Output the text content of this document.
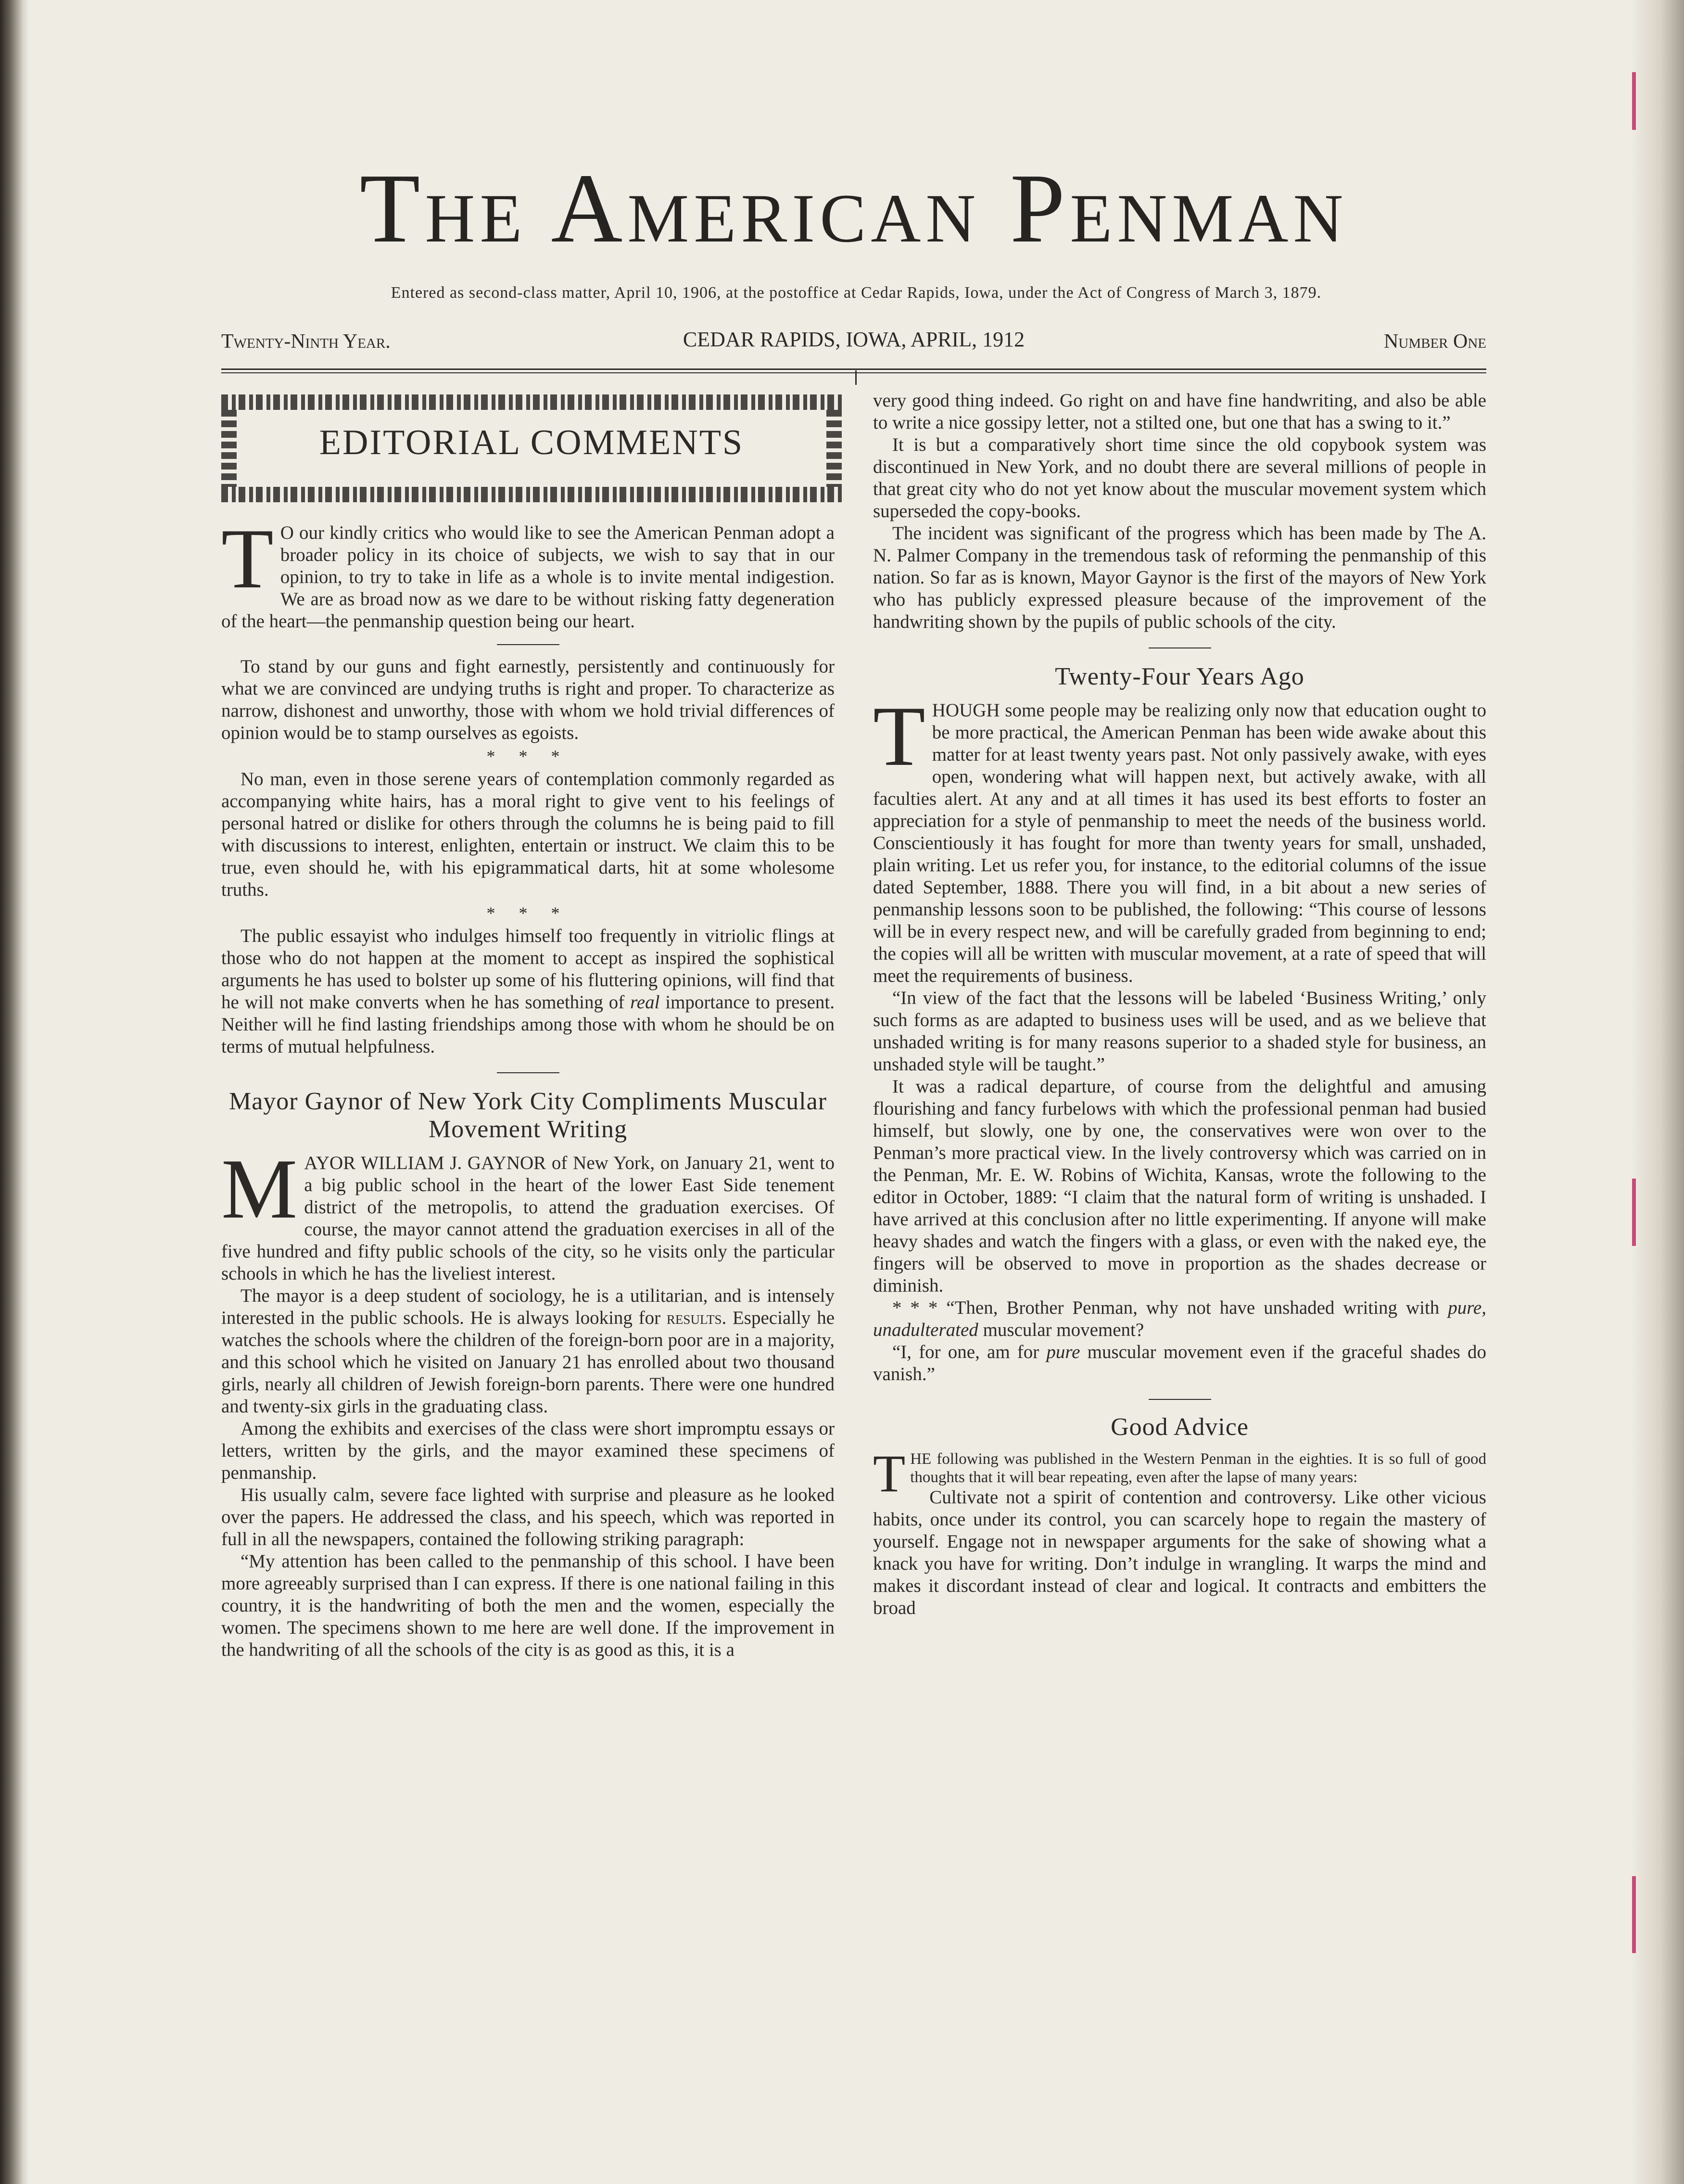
The American Penman
Entered as second-class matter, April 10, 1906, at the postoffice at Cedar Rapids, Iowa, under the Act of Congress of March 3, 1879.
Twenty-Ninth Year.	CEDAR RAPIDS, IOWA, APRIL, 1912	Number One
EDITORIAL COMMENTS

T O our kindly critics who would like to see the American Penman adopt a broader policy in its choice of subjects, we wish to say that in our opinion, to try to take in life as a whole is to invite mental indigestion. We are as broad now as we dare to be without risking fatty degeneration of the heart—the penmanship question being our heart.

To stand by our guns and fight earnestly, persistently and continuously for what we are convinced are undying truths is right and proper. To characterize as narrow, dishonest and unworthy, those with whom we hold trivial differences of opinion would be to stamp ourselves as egoists.

* * *

No man, even in those serene years of contemplation commonly regarded as accompanying white hairs, has a moral right to give vent to his feelings of personal hatred or dislike for others through the columns he is being paid to fill with discussions to interest, enlighten, entertain or instruct. We claim this to be true, even should he, with his epigrammatical darts, hit at some wholesome truths.

* * *

The public essayist who indulges himself too frequently in vitriolic flings at those who do not happen at the moment to accept as inspired the sophistical arguments he has used to bolster up some of his fluttering opinions, will find that he will not make converts when he has something of real importance to present. Neither will he find lasting friendships among those with whom he should be on terms of mutual helpfulness.

Mayor Gaynor of New York City Compliments Muscular Movement Writing

MAYOR WILLIAM J. GAYNOR of New York, on January 21, went to a big public school in the heart of the lower East Side tenement district of the metropolis, to attend the graduation exercises. Of course, the mayor cannot attend the graduation exercises in all of the five hundred and fifty public schools of the city, so he visits only the particular schools in which he has the liveliest interest.

The mayor is a deep student of sociology, he is a utilitarian, and is intensely interested in the public schools. He is always looking for results. Especially he watches the schools where the children of the foreign-born poor are in a majority, and this school which he visited on January 21 has enrolled about two thousand girls, nearly all children of Jewish foreign-born parents. There were one hundred and twenty-six girls in the graduating class.

Among the exhibits and exercises of the class were short impromptu essays or letters, written by the girls, and the mayor examined these specimens of penmanship.

His usually calm, severe face lighted with surprise and pleasure as he looked over the papers. He addressed the class, and his speech, which was reported in full in all the newspapers, contained the following striking paragraph:

“My attention has been called to the penmanship of this school. I have been more agreeably surprised than I can express. If there is one national failing in this country, it is the handwriting of both the men and the women, especially the women. The specimens shown to me here are well done. If the improvement in the handwriting of all the schools of the city is as good as this, it is a

very good thing indeed. Go right on and have fine handwriting, and also be able to write a nice gossipy letter, not a stilted one, but one that has a swing to it.”

It is but a comparatively short time since the old copybook system was discontinued in New York, and no doubt there are several millions of people in that great city who do not yet know about the muscular movement system which superseded the copy-books.

The incident was significant of the progress which has been made by The A. N. Palmer Company in the tremendous task of reforming the penmanship of this nation. So far as is known, Mayor Gaynor is the first of the mayors of New York who has publicly expressed pleasure because of the improvement of the handwriting shown by the pupils of public schools of the city.

Twenty-Four Years Ago

THOUGH some people may be realizing only now that education ought to be more practical, the American Penman has been wide awake about this matter for at least twenty years past. Not only passively awake, with eyes open, wondering what will happen next, but actively awake, with all faculties alert. At any and at all times it has used its best efforts to foster an appreciation for a style of penmanship to meet the needs of the business world. Conscientiously it has fought for more than twenty years for small, unshaded, plain writing. Let us refer you, for instance, to the editorial columns of the issue dated September, 1888. There you will find, in a bit about a new series of penmanship lessons soon to be published, the following: “This course of lessons will be in every respect new, and will be carefully graded from beginning to end; the copies will all be written with muscular movement, at a rate of speed that will meet the requirements of business.

“In view of the fact that the lessons will be labeled ‘Business Writing,’ only such forms as are adapted to business uses will be used, and as we believe that unshaded writing is for many reasons superior to a shaded style for business, an unshaded style will be taught.”

It was a radical departure, of course from the delightful and amusing flourishing and fancy furbelows with which the professional penman had busied himself, but slowly, one by one, the conservatives were won over to the Penman’s more practical view. In the lively controversy which was carried on in the Penman, Mr. E. W. Robins of Wichita, Kansas, wrote the following to the editor in October, 1889: “I claim that the natural form of writing is unshaded. I have arrived at this conclusion after no little experimenting. If anyone will make heavy shades and watch the fingers with a glass, or even with the naked eye, the fingers will be observed to move in proportion as the shades decrease or diminish.

* * * “Then, Brother Penman, why not have unshaded writing with pure, unadulterated muscular movement?

“I, for one, am for pure muscular movement even if the graceful shades do vanish.”

Good Advice

THE following was published in the Western Penman in the eighties. It is so full of good thoughts that it will bear repeating, even after the lapse of many years:

Cultivate not a spirit of contention and controversy. Like other vicious habits, once under its control, you can scarcely hope to regain the mastery of yourself. Engage not in newspaper arguments for the sake of showing what a knack you have for writing. Don’t indulge in wrangling. It warps the mind and makes it discordant instead of clear and logical. It contracts and embitters the broad
